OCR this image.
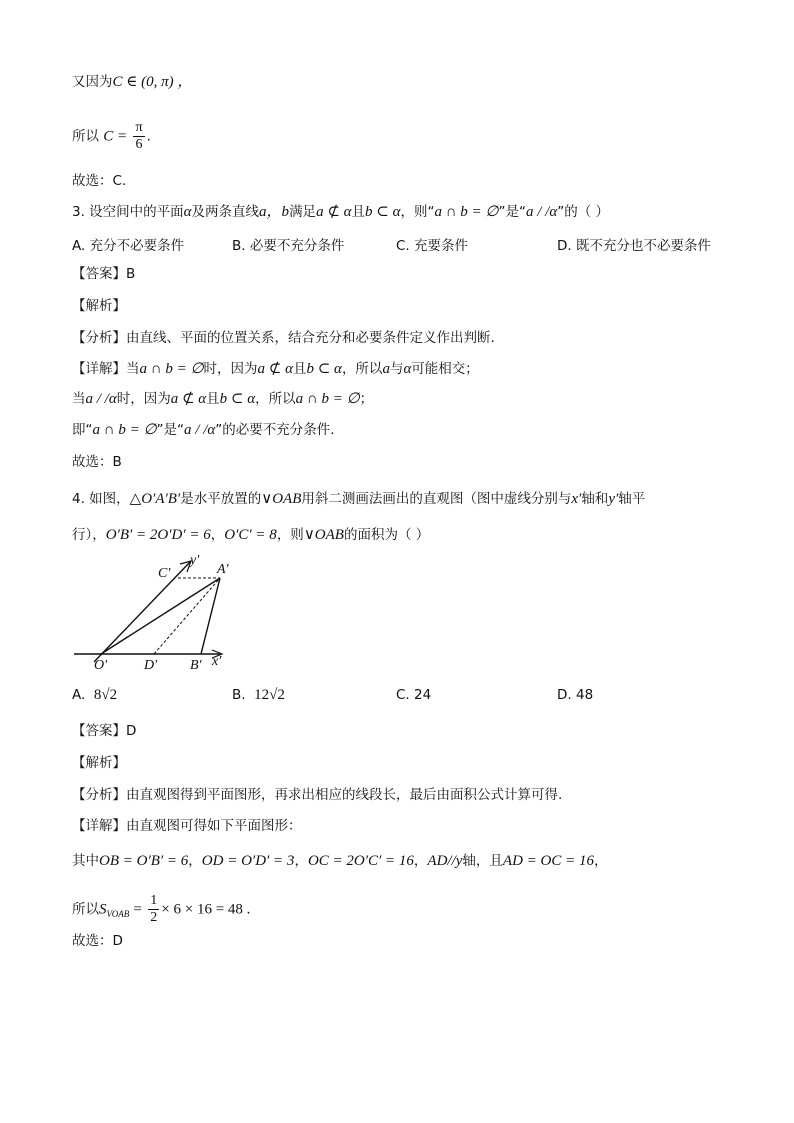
又因为C ∈ (0, π) ，
所以 $C = \frac{\pi}{6}$ .
故选：C.
3. 设空间中的平面α及两条直线a，b满足a ⊄ α且b ⊂ α，则“a ∩ b = ∅”是“a / /α”的（ ）
A. 充分不必要条件	B. 必要不充分条件	C. 充要条件	D. 既不充分也不必要条件
【答案】B
【解析】
【分析】由直线、平面的位置关系，结合充分和必要条件定义作出判断.
【详解】当a ∩ b = ∅时，因为a ⊄ α且b ⊂ α，所以a与α可能相交；
当a / /α时，因为a ⊄ α且b ⊂ α，所以a ∩ b = ∅；
即“a ∩ b = ∅”是“a / /α”的必要不充分条件.
故选：B
4. 如图，△O′A′B′是水平放置的∨OAB用斜二测画法画出的直观图（图中虚线分别与x′轴和y′轴平
行），O′B′ = 2O′D′ = 6，O′C′ = 8，则∨OAB的面积为（ ）
C′
y′
A′
O′	D′ B′ x′
A. 8√2	B. 12√2	C. 24	D. 48
【答案】D
【解析】
【分析】由直观图得到平面图形，再求出相应的线段长，最后由面积公式计算可得.
【详解】由直观图可得如下平面图形：
其中OB = O′B′ = 6，OD = O′D′ = 3，OC = 2O′C′ = 16，AD//y轴，且AD = OC = 16，
所以$S_{VOAB} = \frac{1}{2} \times 6 \times 16 = 48$ .
故选：D
